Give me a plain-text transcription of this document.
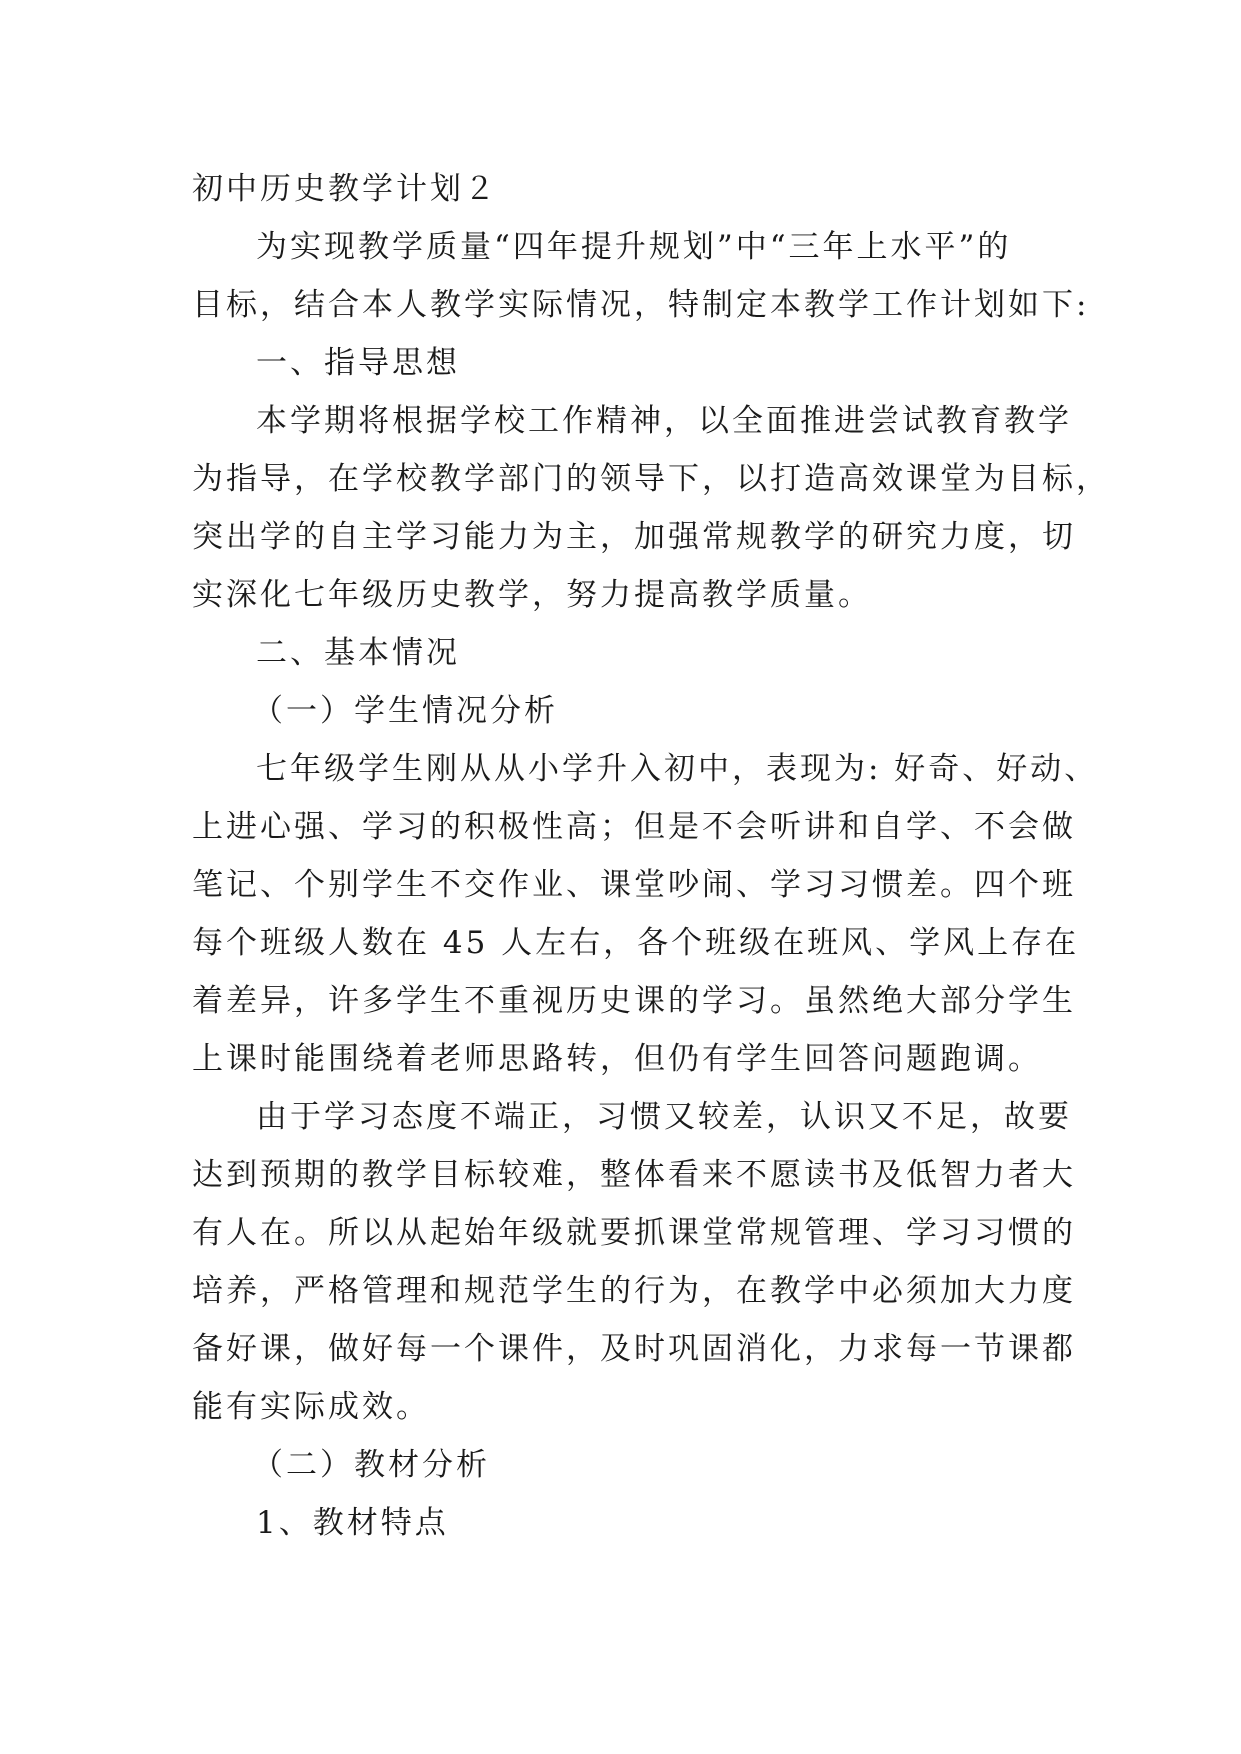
初中历史教学计划２
为实现教学质量“四年提升规划”中“三年上水平”的
目标，结合本人教学实际情况，特制定本教学工作计划如下:
一、指导思想
本学期将根据学校工作精神，以全面推进尝试教育教学
为指导，在学校教学部门的领导下，以打造高效课堂为目标，
突出学的自主学习能力为主，加强常规教学的研究力度，切
实深化七年级历史教学，努力提高教学质量。
二、基本情况
（一）学生情况分析
七年级学生刚从从小学升入初中，表现为: 好奇、好动、
上进心强、学习的积极性高；但是不会听讲和自学、不会做
笔记、个别学生不交作业、课堂吵闹、学习习惯差。四个班
每个班级人数在 45 人左右，各个班级在班风、学风上存在
着差异，许多学生不重视历史课的学习。虽然绝大部分学生
上课时能围绕着老师思路转，但仍有学生回答问题跑调。
由于学习态度不端正，习惯又较差，认识又不足，故要
达到预期的教学目标较难，整体看来不愿读书及低智力者大
有人在。所以从起始年级就要抓课堂常规管理、学习习惯的
培养，严格管理和规范学生的行为，在教学中必须加大力度
备好课，做好每一个课件，及时巩固消化，力求每一节课都
能有实际成效。
（二）教材分析
1、教材特点
